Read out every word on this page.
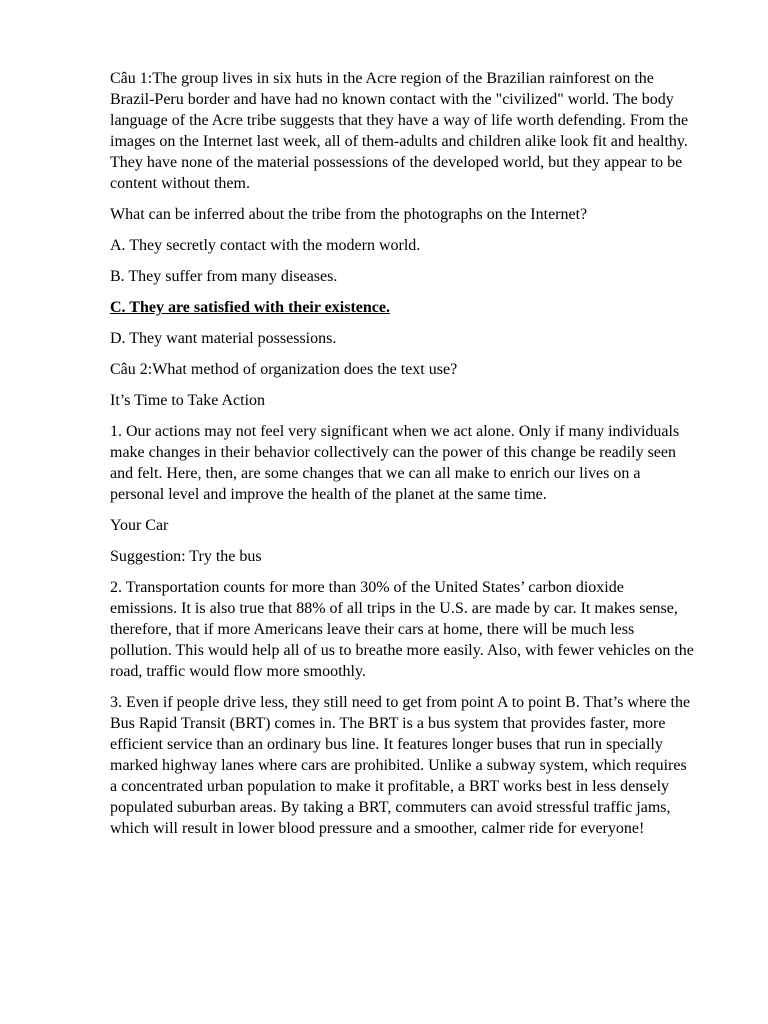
Câu 1:The group lives in six huts in the Acre region of the Brazilian rainforest on the Brazil-Peru border and have had no known contact with the "civilized" world. The body language of the Acre tribe suggests that they have a way of life worth defending. From the images on the Internet last week, all of them-adults and children alike look fit and healthy. They have none of the material possessions of the developed world, but they appear to be content without them.

What can be inferred about the tribe from the photographs on the Internet?

A. They secretly contact with the modern world.

B. They suffer from many diseases.

C. They are satisfied with their existence.

D. They want material possessions.

Câu 2:What method of organization does the text use?

It’s Time to Take Action

1. Our actions may not feel very significant when we act alone. Only if many individuals make changes in their behavior collectively can the power of this change be readily seen and felt. Here, then, are some changes that we can all make to enrich our lives on a personal level and improve the health of the planet at the same time.

Your Car

Suggestion: Try the bus

2. Transportation counts for more than 30% of the United States’ carbon dioxide emissions. It is also true that 88% of all trips in the U.S. are made by car. It makes sense, therefore, that if more Americans leave their cars at home, there will be much less pollution. This would help all of us to breathe more easily. Also, with fewer vehicles on the road, traffic would flow more smoothly.

3. Even if people drive less, they still need to get from point A to point B. That’s where the Bus Rapid Transit (BRT) comes in. The BRT is a bus system that provides faster, more efficient service than an ordinary bus line. It features longer buses that run in specially marked highway lanes where cars are prohibited. Unlike a subway system, which requires a concentrated urban population to make it profitable, a BRT works best in less densely populated suburban areas. By taking a BRT, commuters can avoid stressful traffic jams, which will result in lower blood pressure and a smoother, calmer ride for everyone!
